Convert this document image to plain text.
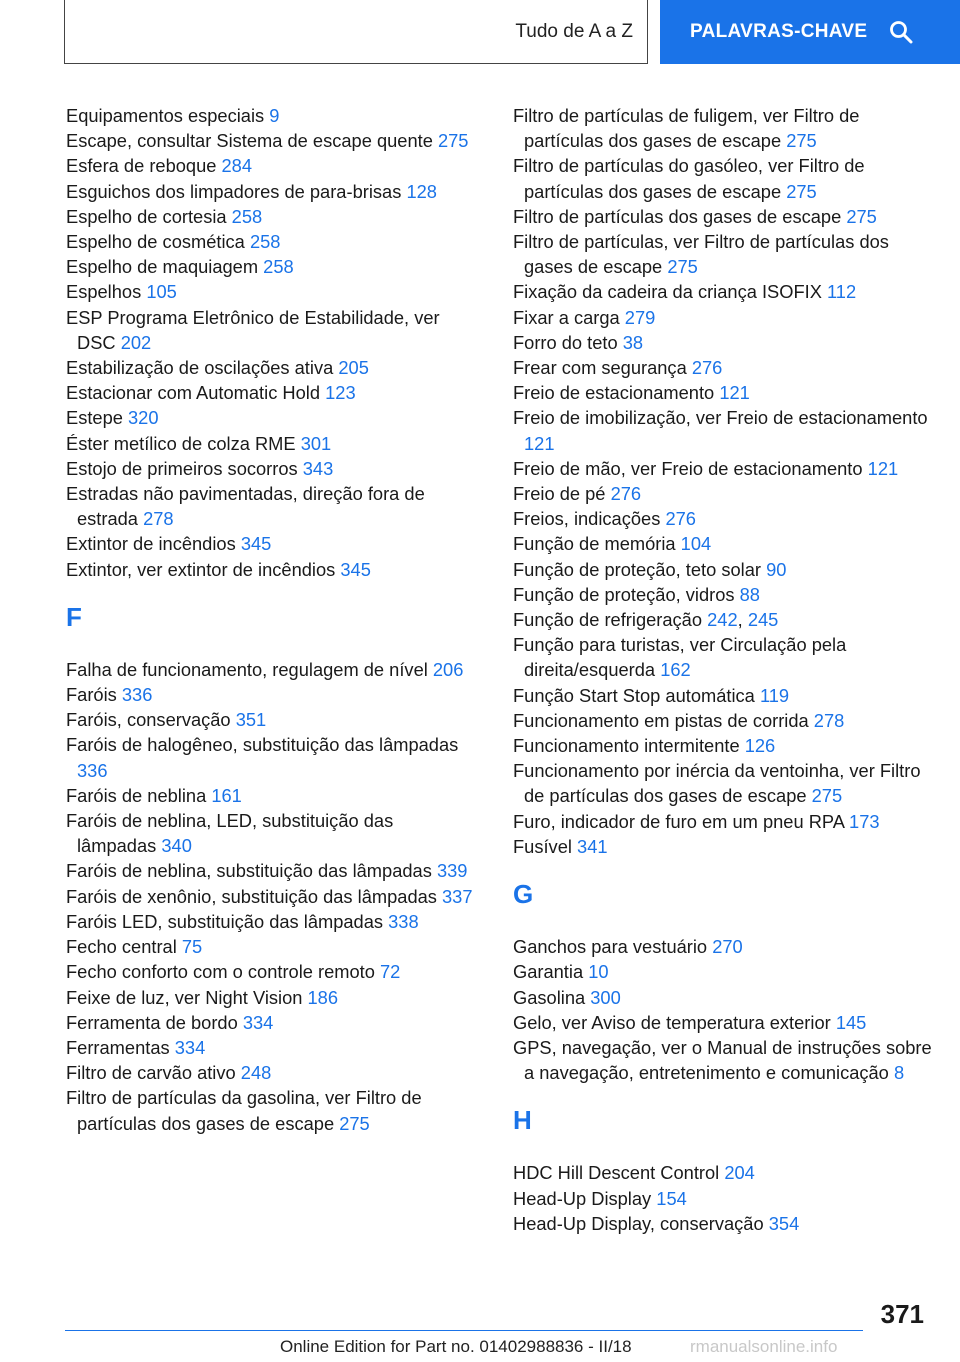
Tudo de A a Z	PALAVRAS-CHAVE
Equipamentos especiais 9
Escape, consultar Sistema de escape quente 275
Esfera de reboque 284
Esguichos dos limpadores de para-brisas 128
Espelho de cortesia 258
Espelho de cosmética 258
Espelho de maquiagem 258
Espelhos 105
ESP Programa Eletrônico de Estabilidade, ver DSC 202
Estabilização de oscilações ativa 205
Estacionar com Automatic Hold 123
Estepe 320
Éster metílico de colza RME 301
Estojo de primeiros socorros 343
Estradas não pavimentadas, direção fora de estrada 278
Extintor de incêndios 345
Extintor, ver extintor de incêndios 345
F
Falha de funcionamento, regulagem de nível 206
Faróis 336
Faróis, conservação 351
Faróis de halogêneo, substituição das lâmpadas 336
Faróis de neblina 161
Faróis de neblina, LED, substituição das lâmpadas 340
Faróis de neblina, substituição das lâmpadas 339
Faróis de xenônio, substituição das lâmpadas 337
Faróis LED, substituição das lâmpadas 338
Fecho central 75
Fecho conforto com o controle remoto 72
Feixe de luz, ver Night Vision 186
Ferramenta de bordo 334
Ferramentas 334
Filtro de carvão ativo 248
Filtro de partículas da gasolina, ver Filtro de partículas dos gases de escape 275
Filtro de partículas de fuligem, ver Filtro de partículas dos gases de escape 275
Filtro de partículas do gasóleo, ver Filtro de partículas dos gases de escape 275
Filtro de partículas dos gases de escape 275
Filtro de partículas, ver Filtro de partículas dos gases de escape 275
Fixação da cadeira da criança ISOFIX 112
Fixar a carga 279
Forro do teto 38
Frear com segurança 276
Freio de estacionamento 121
Freio de imobilização, ver Freio de estacionamento 121
Freio de mão, ver Freio de estacionamento 121
Freio de pé 276
Freios, indicações 276
Função de memória 104
Função de proteção, teto solar 90
Função de proteção, vidros 88
Função de refrigeração 242, 245
Função para turistas, ver Circulação pela direita/esquerda 162
Função Start Stop automática 119
Funcionamento em pistas de corrida 278
Funcionamento intermitente 126
Funcionamento por inércia da ventoinha, ver Filtro de partículas dos gases de escape 275
Furo, indicador de furo em um pneu RPA 173
Fusível 341
G
Ganchos para vestuário 270
Garantia 10
Gasolina 300
Gelo, ver Aviso de temperatura exterior 145
GPS, navegação, ver o Manual de instruções sobre a navegação, entretenimento e comunicação 8
H
HDC Hill Descent Control 204
Head-Up Display 154
Head-Up Display, conservação 354
371
Online Edition for Part no. 01402988836 - II/18	rmanualsonline.info
